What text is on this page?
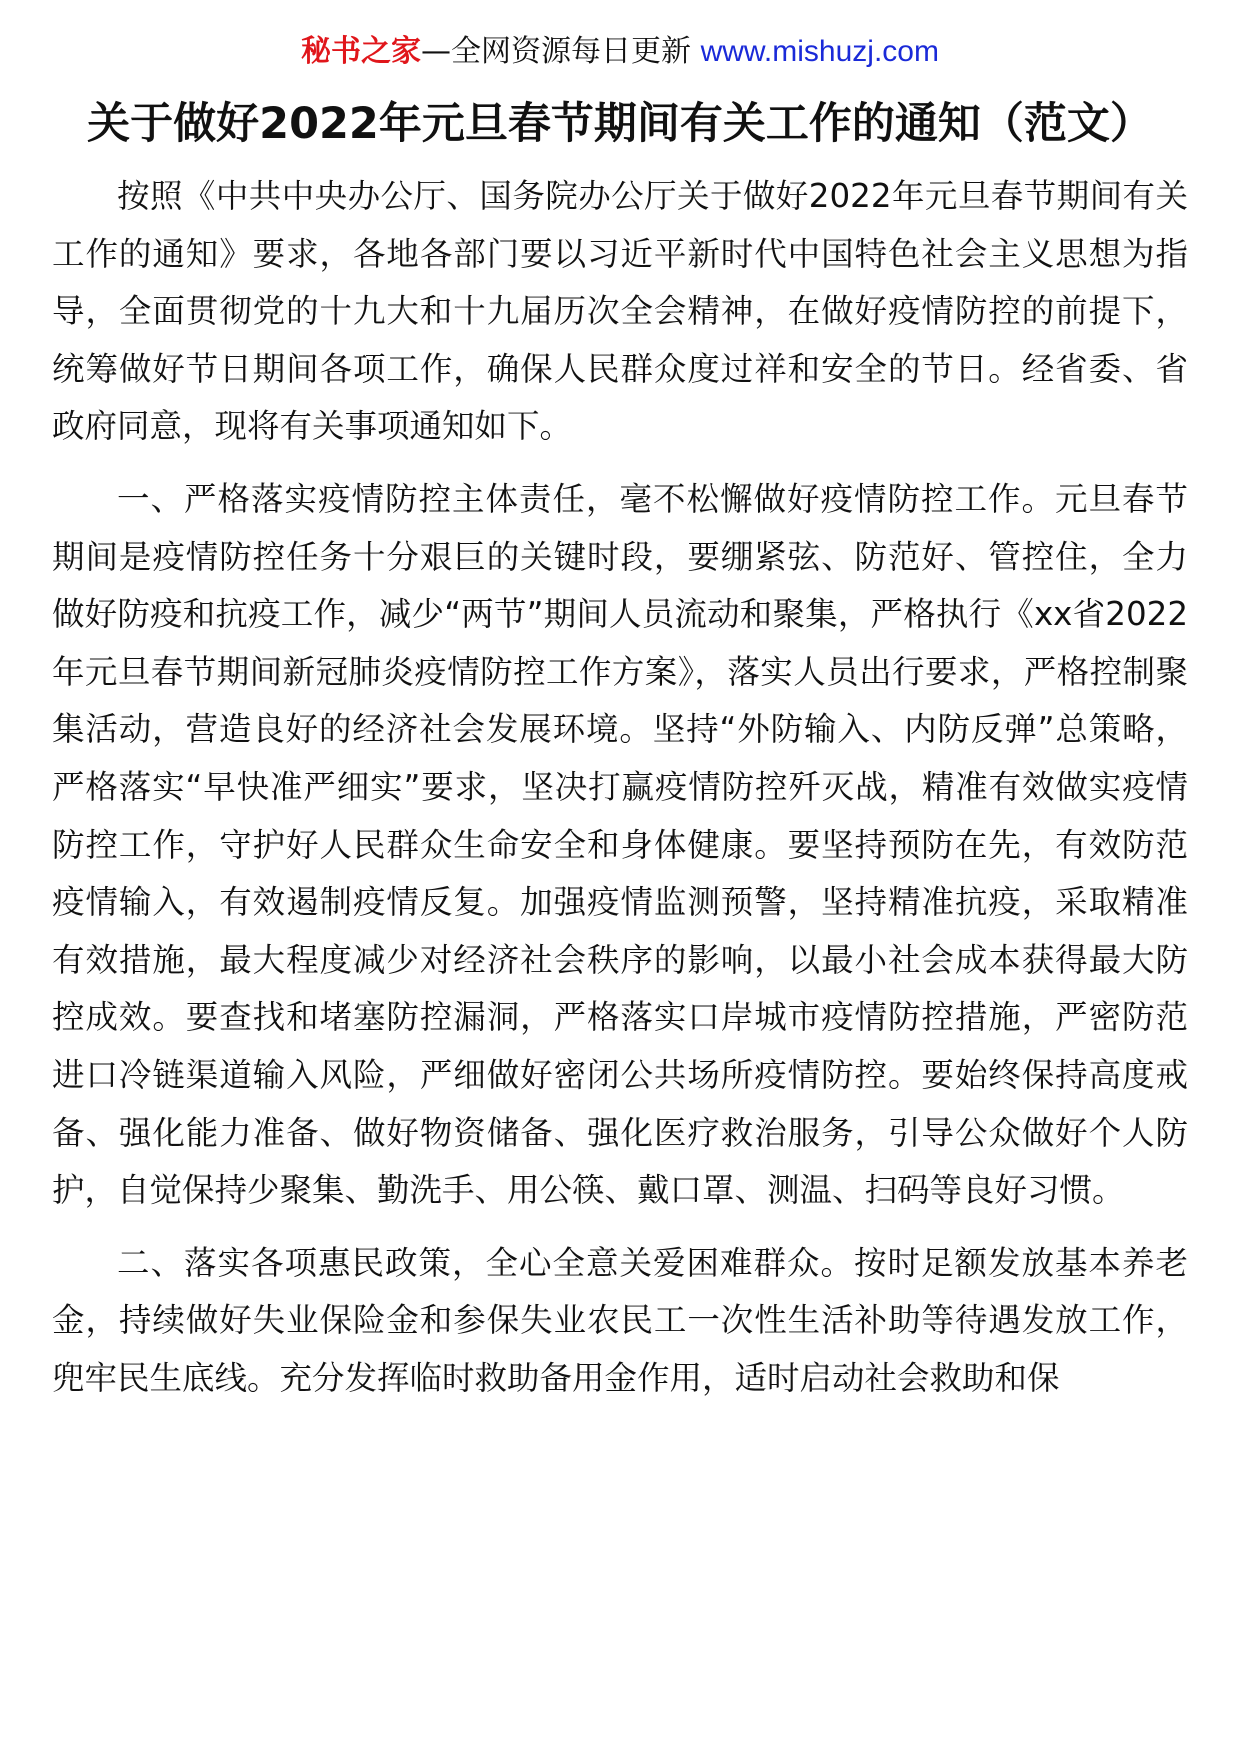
秘书之家—全网资源每日更新 www.mishuzj.com
关于做好2022年元旦春节期间有关工作的通知（范文）

按照《中共中央办公厅、国务院办公厅关于做好2022年元旦春节期间有关工作的通知》要求，各地各部门要以习近平新时代中国特色社会主义思想为指导，全面贯彻党的十九大和十九届历次全会精神，在做好疫情防控的前提下，统筹做好节日期间各项工作，确保人民群众度过祥和安全的节日。经省委、省政府同意，现将有关事项通知如下。

一、严格落实疫情防控主体责任，毫不松懈做好疫情防控工作。元旦春节期间是疫情防控任务十分艰巨的关键时段，要绷紧弦、防范好、管控住，全力做好防疫和抗疫工作，减少“两节”期间人员流动和聚集，严格执行《xx省2022年元旦春节期间新冠肺炎疫情防控工作方案》，落实人员出行要求，严格控制聚集活动，营造良好的经济社会发展环境。坚持“外防输入、内防反弹”总策略，严格落实“早快准严细实”要求，坚决打赢疫情防控歼灭战，精准有效做实疫情防控工作，守护好人民群众生命安全和身体健康。要坚持预防在先，有效防范疫情输入，有效遏制疫情反复。加强疫情监测预警，坚持精准抗疫，采取精准有效措施，最大程度减少对经济社会秩序的影响，以最小社会成本获得最大防控成效。要查找和堵塞防控漏洞，严格落实口岸城市疫情防控措施，严密防范进口冷链渠道输入风险，严细做好密闭公共场所疫情防控。要始终保持高度戒备、强化能力准备、做好物资储备、强化医疗救治服务，引导公众做好个人防护，自觉保持少聚集、勤洗手、用公筷、戴口罩、测温、扫码等良好习惯。

二、落实各项惠民政策，全心全意关爱困难群众。按时足额发放基本养老金，持续做好失业保险金和参保失业农民工一次性生活补助等待遇发放工作，兜牢民生底线。充分发挥临时救助备用金作用，适时启动社会救助和保
